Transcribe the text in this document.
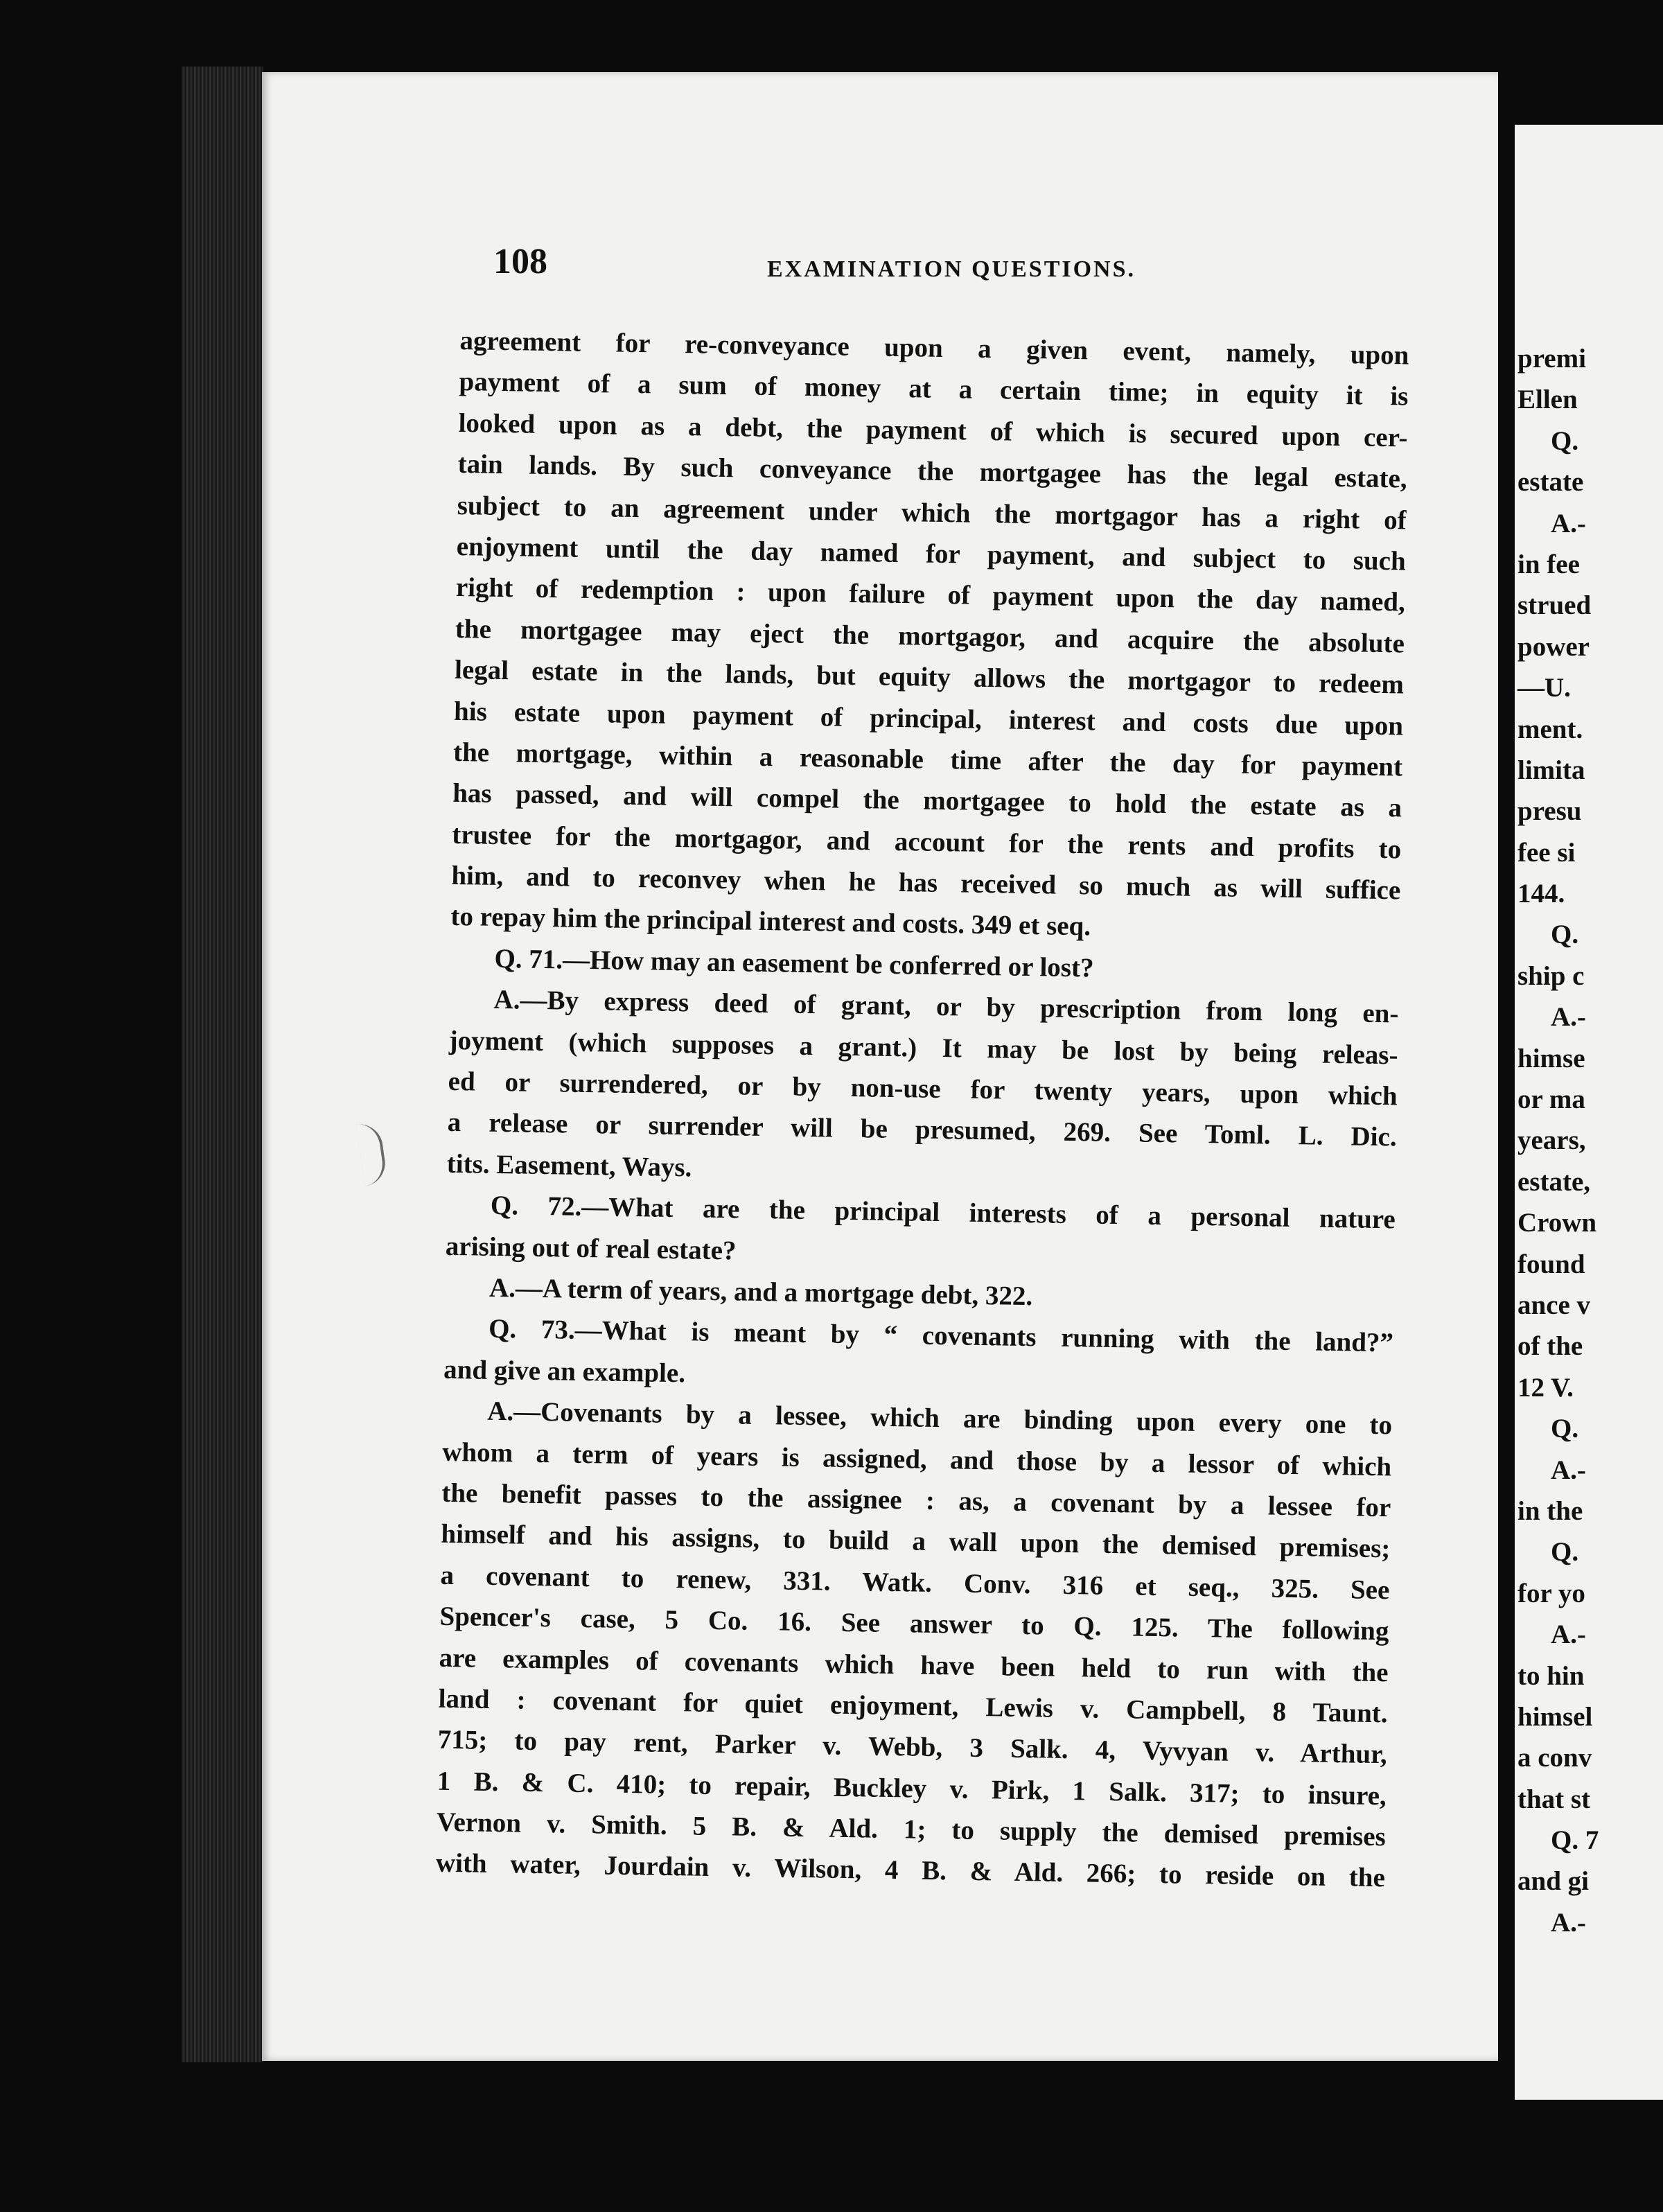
premi
Ellen
Q.
estate
A.-
in fee
strued
power
—U.
ment.
limita
presu
fee si
144.
Q.
ship c
A.-
himse
or ma
years,
estate,
Crown
found
ance v
of the
12 V.
Q.
A.-
in the
Q.
for yo
A.-
to hin
himsel
a conv
that st
Q. 7
and gi
A.-
108	EXAMINATION QUESTIONS.
agreement for re-conveyance upon a given event, namely, upon
payment of a sum of money at a certain time; in equity it is
looked upon as a debt, the payment of which is secured upon cer-
tain lands. By such conveyance the mortgagee has the legal estate,
subject to an agreement under which the mortgagor has a right of
enjoyment until the day named for payment, and subject to such
right of redemption : upon failure of payment upon the day named,
the mortgagee may eject the mortgagor, and acquire the absolute
legal estate in the lands, but equity allows the mortgagor to redeem
his estate upon payment of principal, interest and costs due upon
the mortgage, within a reasonable time after the day for payment
has passed, and will compel the mortgagee to hold the estate as a
trustee for the mortgagor, and account for the rents and profits to
him, and to reconvey when he has received so much as will suffice
to repay him the principal interest and costs. 349 et seq.
Q. 71.—How may an easement be conferred or lost?
A.—By express deed of grant, or by prescription from long en-
joyment (which supposes a grant.) It may be lost by being releas-
ed or surrendered, or by non-use for twenty years, upon which
a release or surrender will be presumed, 269. See Toml. L. Dic.
tits. Easement, Ways.
Q. 72.—What are the principal interests of a personal nature
arising out of real estate?
A.—A term of years, and a mortgage debt, 322.
Q. 73.—What is meant by “ covenants running with the land?”
and give an example.
A.—Covenants by a lessee, which are binding upon every one to
whom a term of years is assigned, and those by a lessor of which
the benefit passes to the assignee : as, a covenant by a lessee for
himself and his assigns, to build a wall upon the demised premises;
a covenant to renew, 331. Watk. Conv. 316 et seq., 325. See
Spencer's case, 5 Co. 16. See answer to Q. 125. The following
are examples of covenants which have been held to run with the
land : covenant for quiet enjoyment, Lewis v. Campbell, 8 Taunt.
715; to pay rent, Parker v. Webb, 3 Salk. 4, Vyvyan v. Arthur,
1 B. & C. 410; to repair, Buckley v. Pirk, 1 Salk. 317; to insure,
Vernon v. Smith. 5 B. & Ald. 1; to supply the demised premises
with water, Jourdain v. Wilson, 4 B. & Ald. 266; to reside on the
